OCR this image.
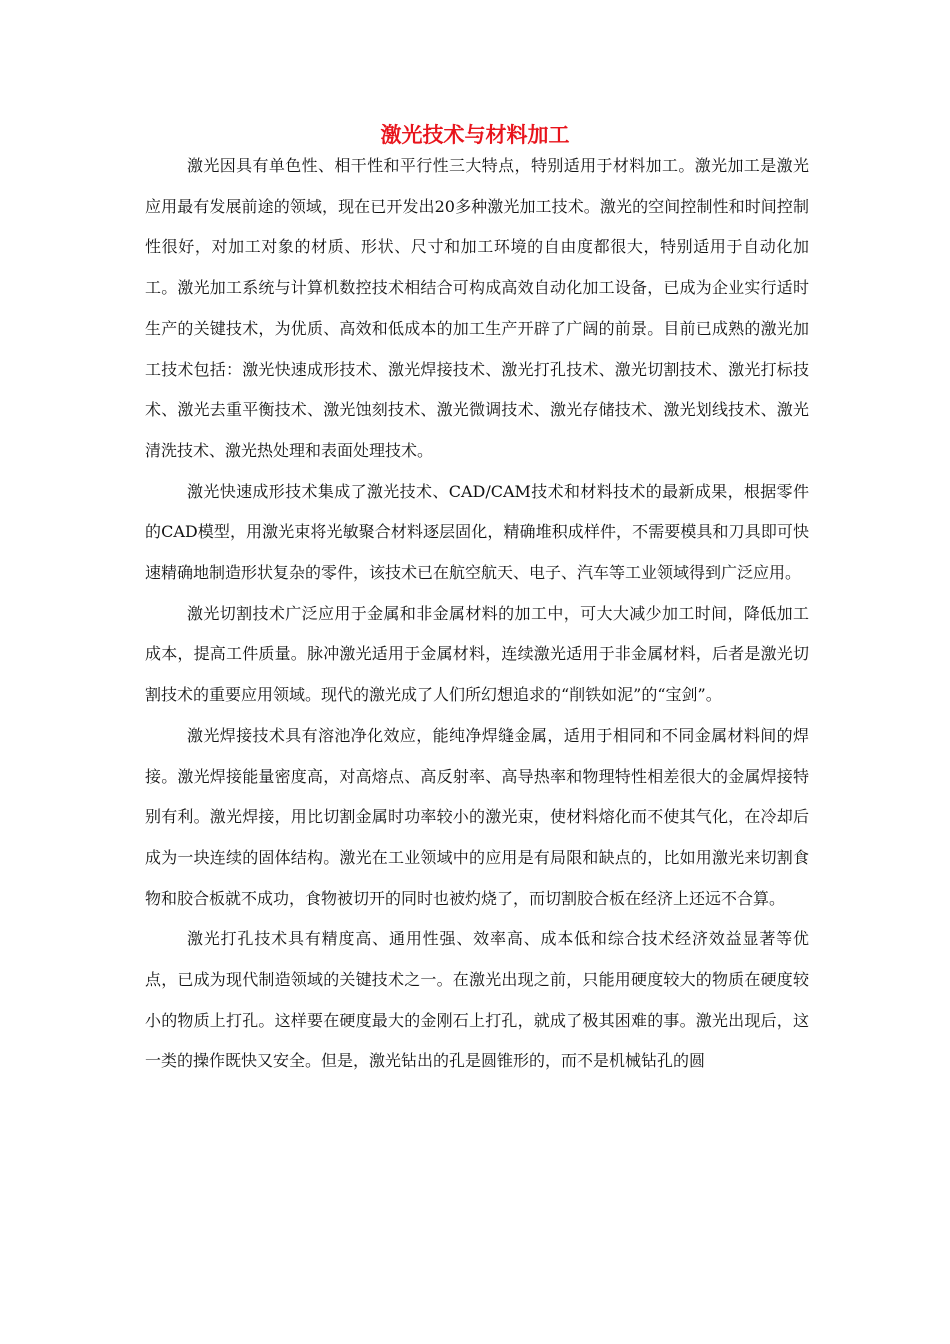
激光技术与材料加工

激光因具有单色性、相干性和平行性三大特点，特别适用于材料加工。激光加工是激光应用最有发展前途的领域，现在已开发出20多种激光加工技术。激光的空间控制性和时间控制性很好，对加工对象的材质、形状、尺寸和加工环境的自由度都很大，特别适用于自动化加工。激光加工系统与计算机数控技术相结合可构成高效自动化加工设备，已成为企业实行适时生产的关键技术，为优质、高效和低成本的加工生产开辟了广阔的前景。目前已成熟的激光加工技术包括：激光快速成形技术、激光焊接技术、激光打孔技术、激光切割技术、激光打标技术、激光去重平衡技术、激光蚀刻技术、激光微调技术、激光存储技术、激光划线技术、激光清洗技术、激光热处理和表面处理技术。

激光快速成形技术集成了激光技术、CAD/CAM技术和材料技术的最新成果，根据零件的CAD模型，用激光束将光敏聚合材料逐层固化，精确堆积成样件，不需要模具和刀具即可快速精确地制造形状复杂的零件，该技术已在航空航天、电子、汽车等工业领域得到广泛应用。

激光切割技术广泛应用于金属和非金属材料的加工中，可大大减少加工时间，降低加工成本，提高工件质量。脉冲激光适用于金属材料，连续激光适用于非金属材料，后者是激光切割技术的重要应用领域。现代的激光成了人们所幻想追求的“削铁如泥”的“宝剑”。

激光焊接技术具有溶池净化效应，能纯净焊缝金属，适用于相同和不同金属材料间的焊接。激光焊接能量密度高，对高熔点、高反射率、高导热率和物理特性相差很大的金属焊接特别有利。激光焊接，用比切割金属时功率较小的激光束，使材料熔化而不使其气化，在冷却后成为一块连续的固体结构。激光在工业领域中的应用是有局限和缺点的，比如用激光来切割食物和胶合板就不成功，食物被切开的同时也被灼烧了，而切割胶合板在经济上还远不合算。

激光打孔技术具有精度高、通用性强、效率高、成本低和综合技术经济效益显著等优点，已成为现代制造领域的关键技术之一。在激光出现之前，只能用硬度较大的物质在硬度较小的物质上打孔。这样要在硬度最大的金刚石上打孔，就成了极其困难的事。激光出现后，这一类的操作既快又安全。但是，激光钻出的孔是圆锥形的，而不是机械钻孔的圆
